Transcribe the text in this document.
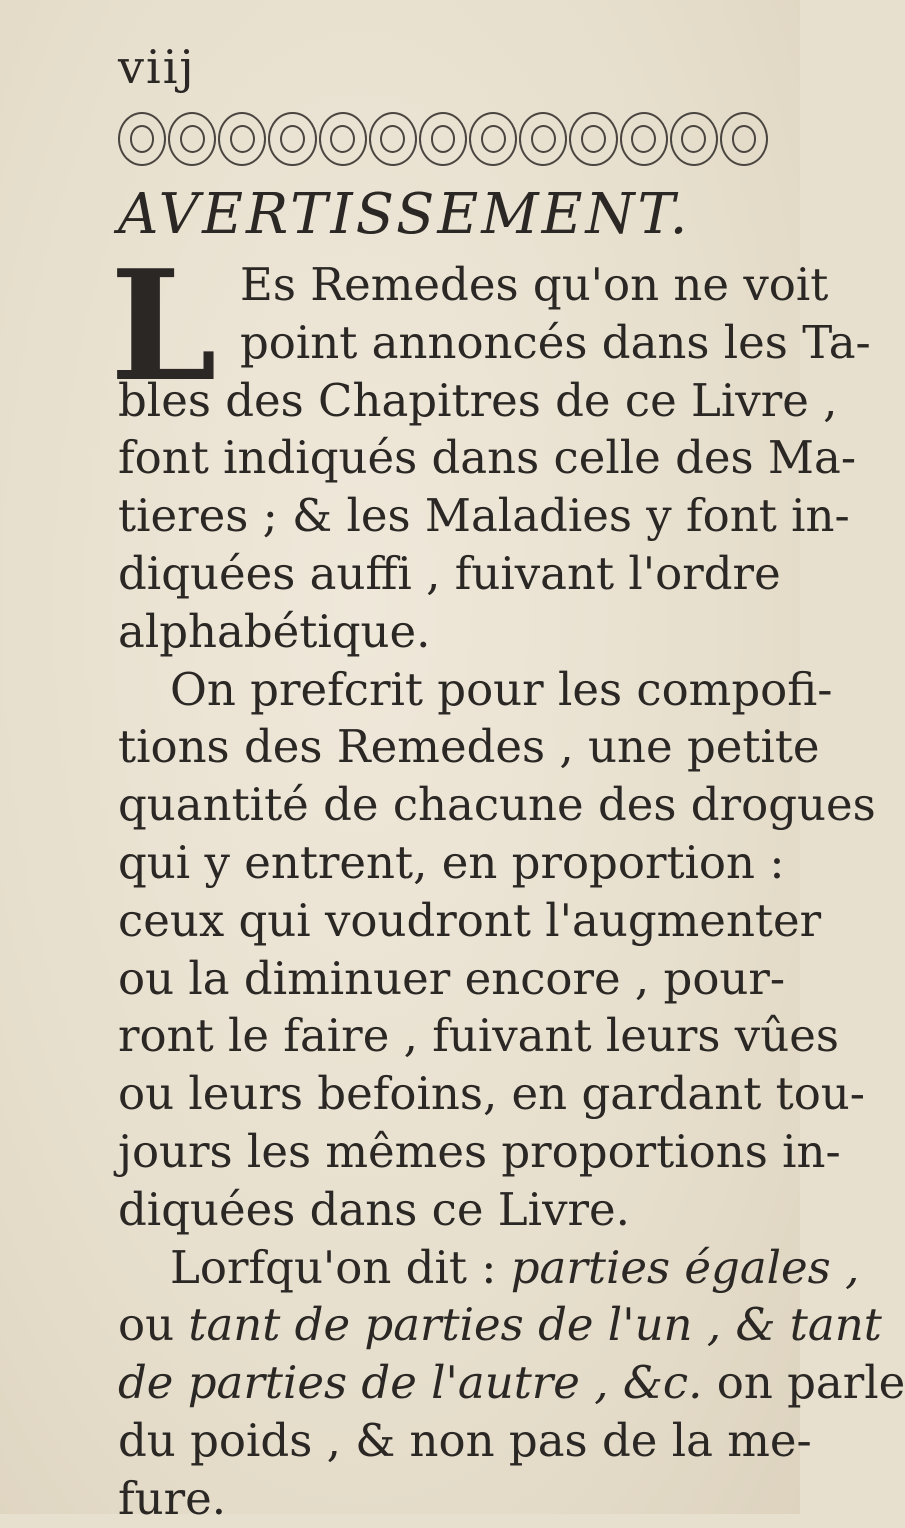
viij
AVERTISSEMENT.
L Es Remedes qu'on ne voit
point annoncés dans les Ta-
bles des Chapitres de ce Livre ,
font indiqués dans celle des Ma-
tieres ; & les Maladies y font in-
diquées auffi , fuivant l'ordre
alphabétique.
On prefcrit pour les compofi-
tions des Remedes , une petite
quantité de chacune des drogues
qui y entrent, en proportion :
ceux qui voudront l'augmenter
ou la diminuer encore , pour-
ront le faire , fuivant leurs vûes
ou leurs befoins, en gardant tou-
jours les mêmes proportions in-
diquées dans ce Livre.
Lorfqu'on dit : parties égales ,
ou tant de parties de l'un , & tant
de parties de l'autre , &c. on parle
du poids , & non pas de la me-
fure.
